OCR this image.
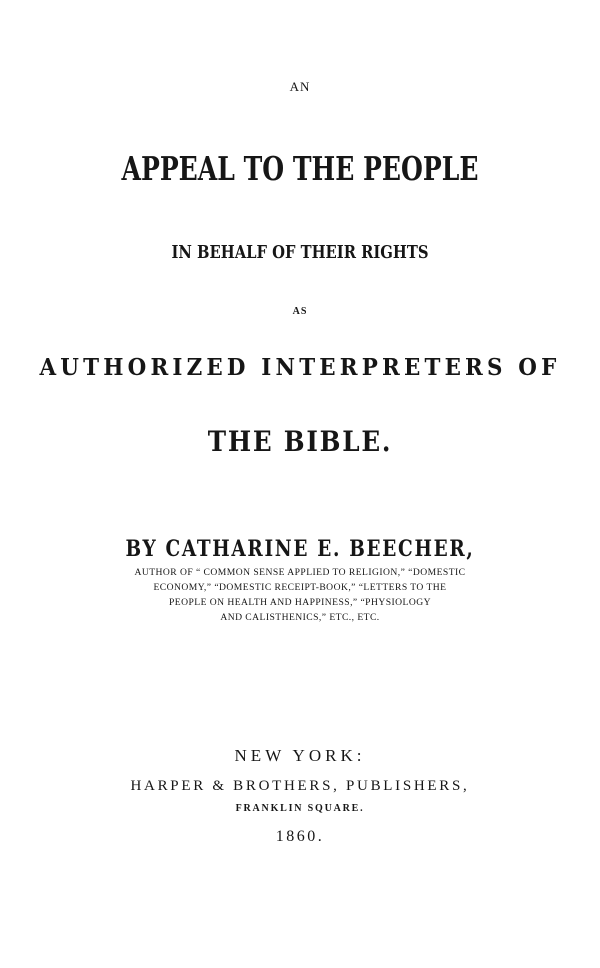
AN
APPEAL TO THE PEOPLE
IN BEHALF OF THEIR RIGHTS
AS
AUTHORIZED INTERPRETERS OF
THE BIBLE.
BY CATHARINE E. BEECHER,
AUTHOR OF “ COMMON SENSE APPLIED TO RELIGION,” “DOMESTIC
ECONOMY,” “DOMESTIC RECEIPT-BOOK,” “LETTERS TO THE
PEOPLE ON HEALTH AND HAPPINESS,” “PHYSIOLOGY
AND CALISTHENICS,” ETC., ETC.
NEW YORK:
HARPER & BROTHERS, PUBLISHERS,
FRANKLIN SQUARE.
1860.
